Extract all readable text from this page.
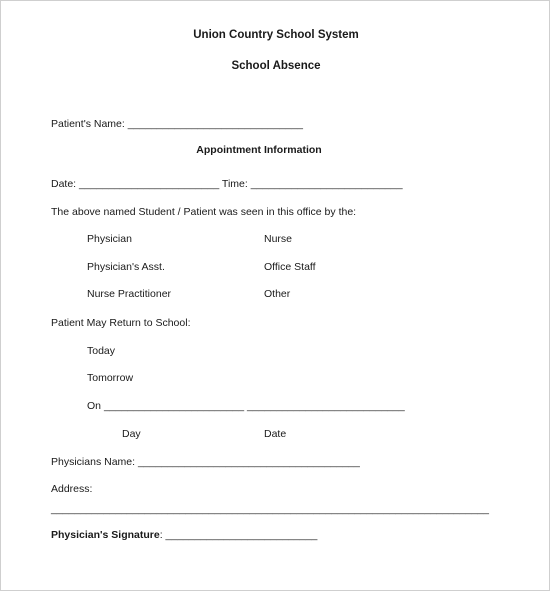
Union Country School System
School Absence
Patient's Name: ______________________________
Appointment Information
Date: ________________________ Time: __________________________
The above named Student / Patient was seen in this office by the:
Physician	Nurse
Physician's Asst.	Office Staff
Nurse Practitioner	Other
Patient May Return to School:
Today
Tomorrow
On ________________________ ___________________________
Day	Date
Physicians Name: ______________________________________
Address:
___________________________________________________________________________
Physician's Signature: __________________________
